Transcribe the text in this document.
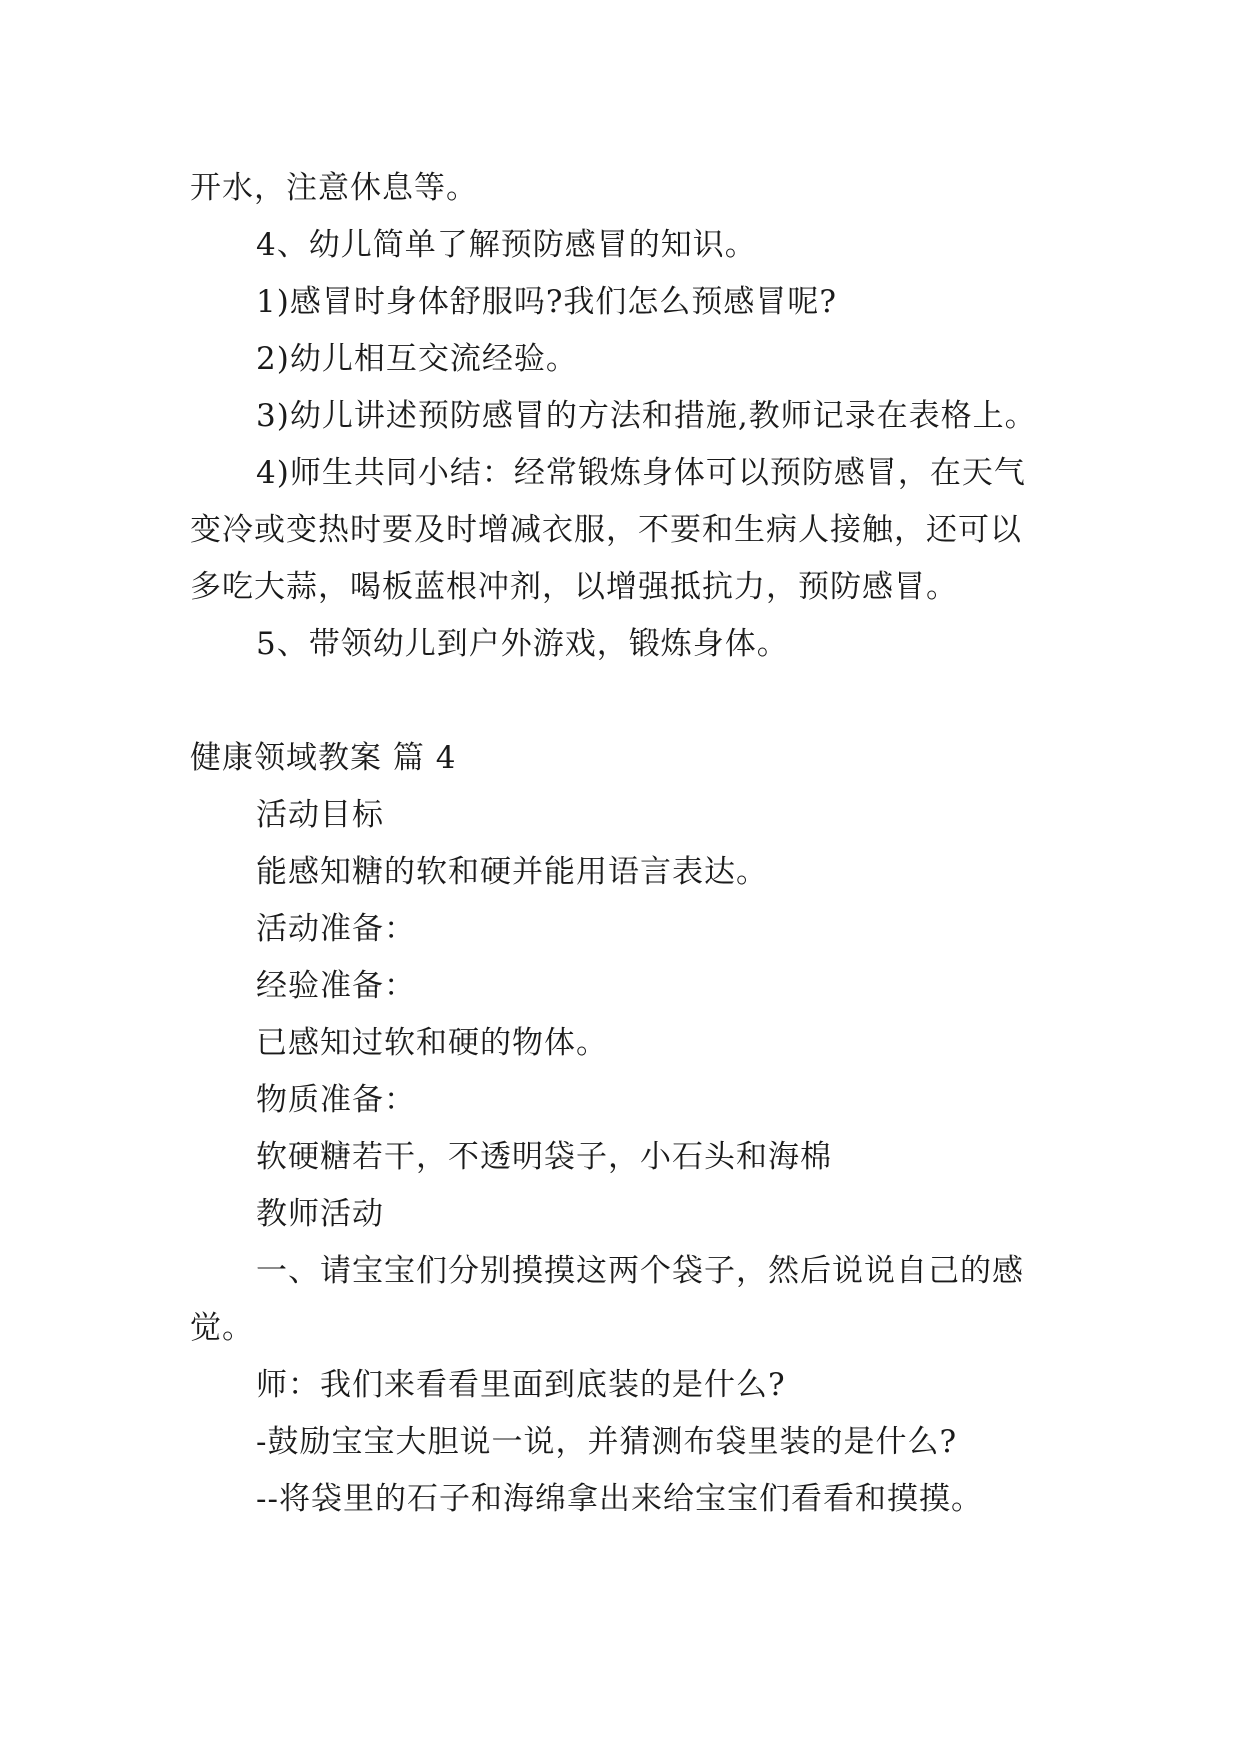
开水，注意休息等。
4、幼儿简单了解预防感冒的知识。
1)感冒时身体舒服吗?我们怎么预感冒呢?
2)幼儿相互交流经验。
3)幼儿讲述预防感冒的方法和措施,教师记录在表格上。
4)师生共同小结：经常锻炼身体可以预防感冒，在天气
变冷或变热时要及时增减衣服，不要和生病人接触，还可以
多吃大蒜，喝板蓝根冲剂，以增强抵抗力，预防感冒。
5、带领幼儿到户外游戏，锻炼身体。
健康领域教案 篇 4
活动目标
能感知糖的软和硬并能用语言表达。
活动准备：
经验准备：
已感知过软和硬的物体。
物质准备：
软硬糖若干，不透明袋子，小石头和海棉
教师活动
一、请宝宝们分别摸摸这两个袋子，然后说说自己的感
觉。
师：我们来看看里面到底装的是什么?
-鼓励宝宝大胆说一说，并猜测布袋里装的是什么?
--将袋里的石子和海绵拿出来给宝宝们看看和摸摸。
